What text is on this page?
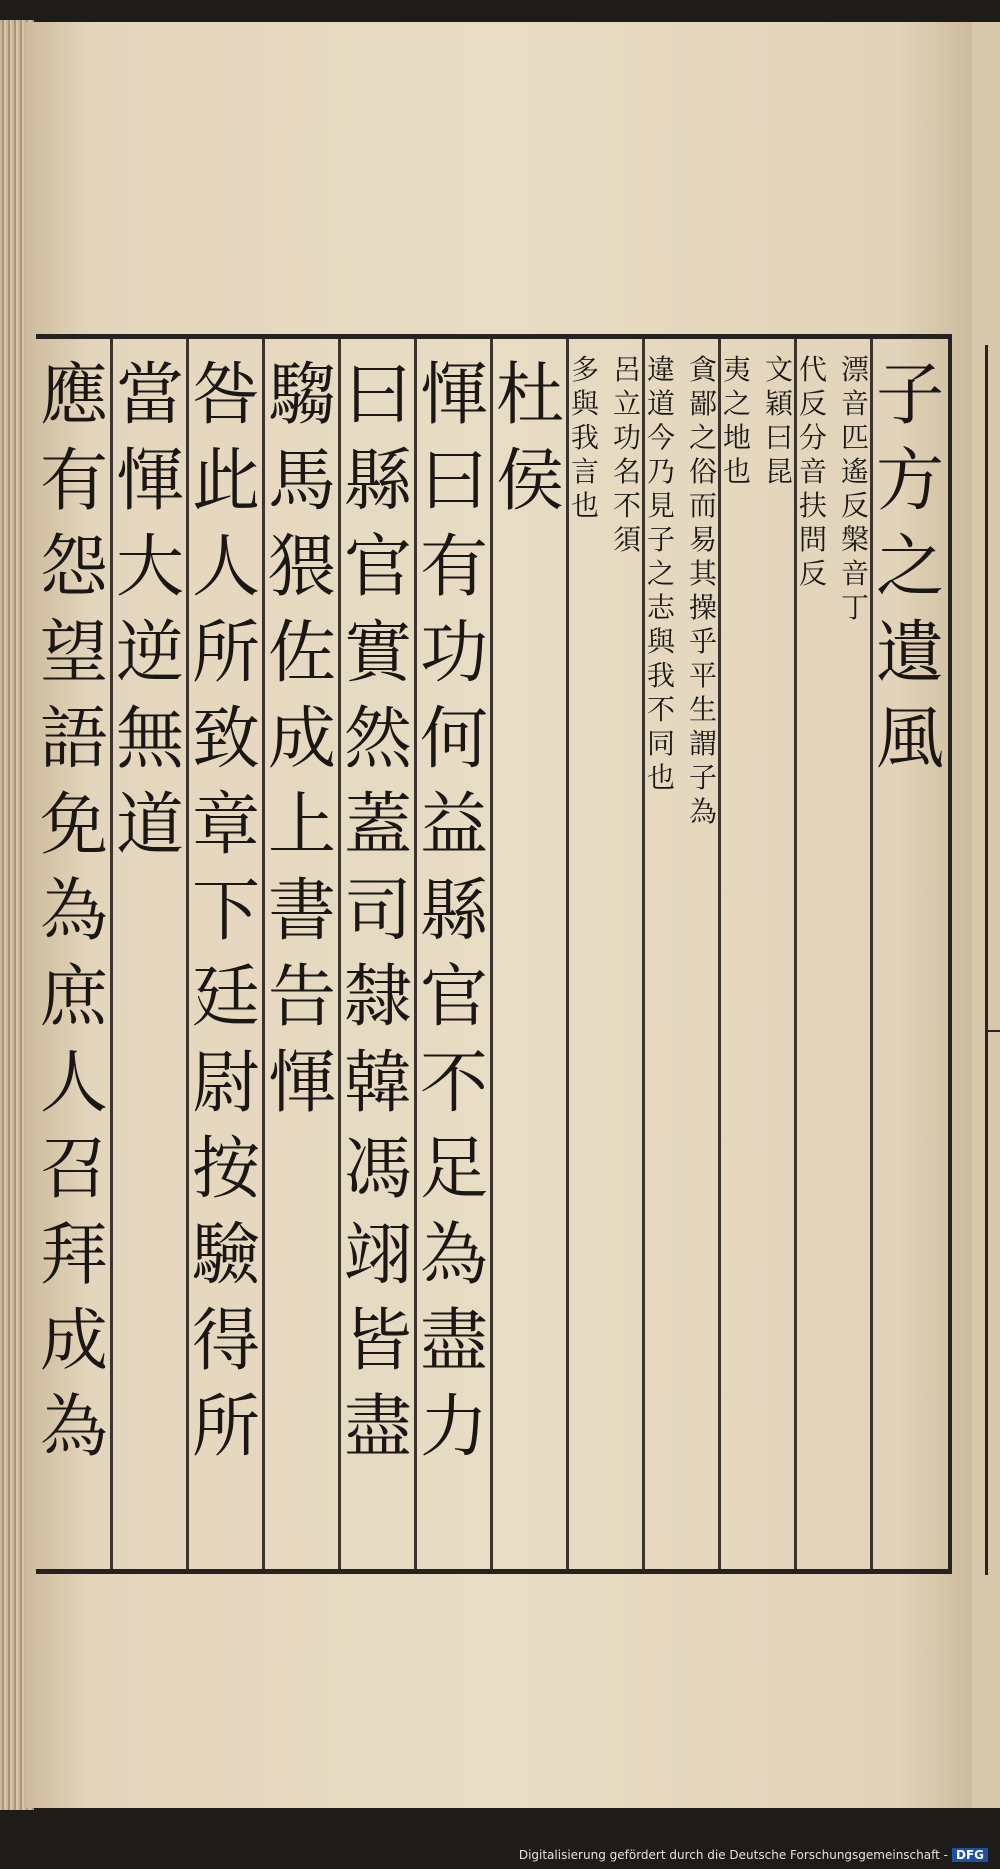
子方之遺風
漂音匹遙反槃音丁
代反分音扶問反
文穎曰昆
夷之地也
貪鄙之俗而易其操乎平生謂子為
違道今乃見子之志與我不同也
呂立功名不須
多與我言也
杜侯
惲曰有功何益縣官不足為盡力
曰縣官實然蓋司隸韓馮翊皆盡
騶馬猥佐成上書告惲
咎此人所致章下廷尉按驗得所
當惲大逆無道
應有怨望語免為庶人召拜成為
Digitalisierung gefördert durch die Deutsche Forschungsgemeinschaft - DFG
